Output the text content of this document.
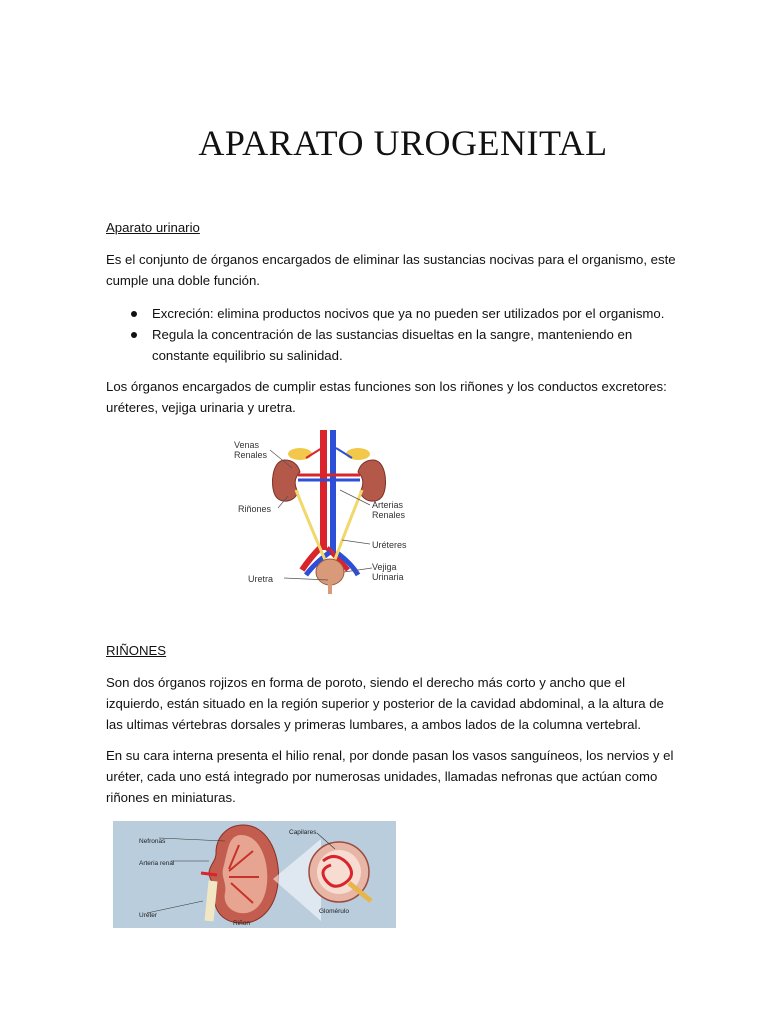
APARATO UROGENITAL

Aparato urinario

Es el conjunto de órganos encargados de eliminar las sustancias nocivas para el organismo, este cumple una doble función.

Excreción: elimina productos nocivos que ya no pueden ser utilizados por el organismo.
Regula la concentración de las sustancias disueltas en la sangre, manteniendo en constante equilibrio su salinidad.

Los órganos encargados de cumplir estas funciones son los riñones y los conductos excretores: uréteres, vejiga urinaria y uretra.

Venas
Renales
Riñones	Arterias
Renales
Uréteres
Vejiga
Urinaria
Uretra

RIÑONES

Son dos órganos rojizos en forma de poroto, siendo el derecho más corto y ancho que el izquierdo, están situado en la región superior y posterior de la cavidad abdominal, a la altura de las ultimas vértebras dorsales y primeras lumbares, a ambos lados de la columna vertebral.

En su cara interna presenta el hilio renal, por donde pasan los vasos sanguíneos, los nervios y el uréter, cada uno está integrado por numerosas unidades, llamadas nefronas que actúan como riñones en miniaturas.

Nefronas
Arteria renal
Uréter
Riñon
Capilares
Glomérulo
